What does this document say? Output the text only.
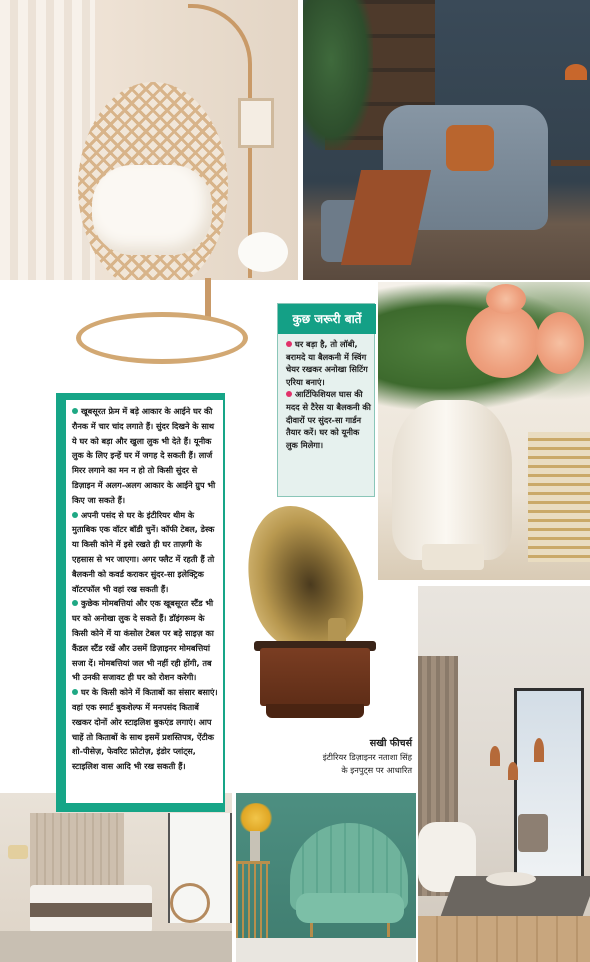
कुछ जरूरी बातें

घर बड़ा है, तो लॉबी, बरामदे या बैलकनी में स्विंग चेयर रखकर अनोखा सिटिंग एरिया बनाएं।

आर्टिफिशियल घास की मदद से टैरेस या बैलकनी की दीवारों पर सुंदर-सा गार्डन तैयार करें। घर को यूनीक लुक मिलेगा।

खूबसूरत फ्रेम में बड़े आकार के आईने घर की रौनक में चार चांद लगाते हैं। सुंदर दिखने के साथ ये घर को बड़ा और खुला लुक भी देते हैं। यूनीक लुक के लिए इन्हें घर में जगह दे सकती हैं। लार्ज मिरर लगाने का मन न हो तो किसी सुंदर से डिज़ाइन में अलग-अलग आकार के आईने ग्रुप भी किए जा सकते हैं।

अपनी पसंद से घर के इंटीरियर थीम के मुताबिक एक वॉटर बॉडी चुनें। कॉफी टेबल, डेस्क या किसी कोने में इसे रखते ही घर ताज़गी के एहसास से भर जाएगा। अगर फ्लैट में रहती हैं तो बैलकनी को कवर्ड कराकर सुंदर-सा इलेक्ट्रिक वॉटरफॉल भी वहां रख सकती हैं।

कुछेक मोमबत्तियां और एक खूबसूरत स्टैंड भी घर को अनोखा लुक दे सकते हैं। डॉइंगरूम के किसी कोने में या कंसोल टेबल पर बड़े साइज़ का कैंडल स्टैंड रखें और उसमें डिज़ाइनर मोमबत्तियां सजा दें। मोमबत्तियां जल भी नहीं रही होंगी, तब भी उनकी सजावट ही घर को रोशन करेगी।

घर के किसी कोने में किताबों का संसार बसाएं। वहां एक स्मार्ट बुकशेल्फ में मनपसंद किताबें रखकर दोनों ओर स्टाइलिश बुकएंड लगाएं। आप चाहें तो किताबों के साथ इसमें प्रशस्तिपत्र, ऐंटीक शो-पीसेज़, फेवरिट फ़ोटोज़, इंडोर प्लांट्स, स्टाइलिश वास आदि भी रख सकती हैं।

सखी फीचर्स
इंटीरियर डिज़ाइनर नताशा सिंह
के इनपुट्स पर आधारित
